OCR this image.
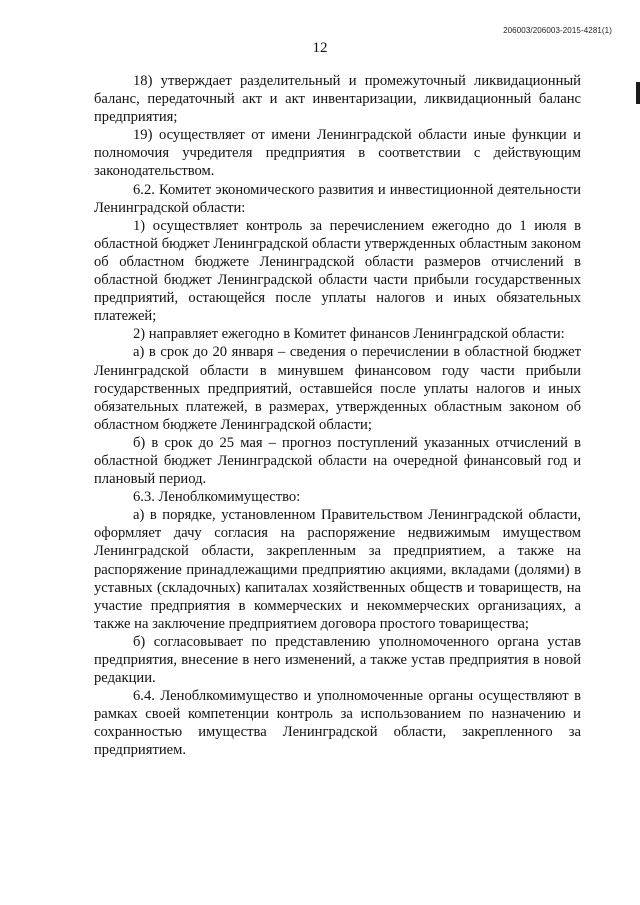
206003/206003-2015-4281(1)
12

18) утверждает разделительный и промежуточный ликвидационный баланс, передаточный акт и акт инвентаризации, ликвидационный баланс предприятия;

19) осуществляет от имени Ленинградской области иные функции и полномочия учредителя предприятия в соответствии с действующим законодательством.

6.2. Комитет экономического развития и инвестиционной деятельности Ленинградской области:

1) осуществляет контроль за перечислением ежегодно до 1 июля в областной бюджет Ленинградской области утвержденных областным законом об областном бюджете Ленинградской области размеров отчислений в областной бюджет Ленинградской области части прибыли государственных предприятий, остающейся после уплаты налогов и иных обязательных платежей;

2) направляет ежегодно в Комитет финансов Ленинградской области:

а) в срок до 20 января – сведения о перечислении в областной бюджет Ленинградской области в минувшем финансовом году части прибыли государственных предприятий, оставшейся после уплаты налогов и иных обязательных платежей, в размерах, утвержденных областным законом об областном бюджете Ленинградской области;

б) в срок до 25 мая – прогноз поступлений указанных отчислений в областной бюджет Ленинградской области на очередной финансовый год и плановый период.

6.3. Леноблкомимущество:

а) в порядке, установленном Правительством Ленинградской области, оформляет дачу согласия на распоряжение недвижимым имуществом Ленинградской области, закрепленным за предприятием, а также на распоряжение принадлежащими предприятию акциями, вкладами (долями) в уставных (складочных) капиталах хозяйственных обществ и товариществ, на участие предприятия в коммерческих и некоммерческих организациях, а также на заключение предприятием договора простого товарищества;

б) согласовывает по представлению уполномоченного органа устав предприятия, внесение в него изменений, а также устав предприятия в новой редакции.

6.4. Леноблкомимущество и уполномоченные органы осуществляют в рамках своей компетенции контроль за использованием по назначению и сохранностью имущества Ленинградской области, закрепленного за предприятием.
